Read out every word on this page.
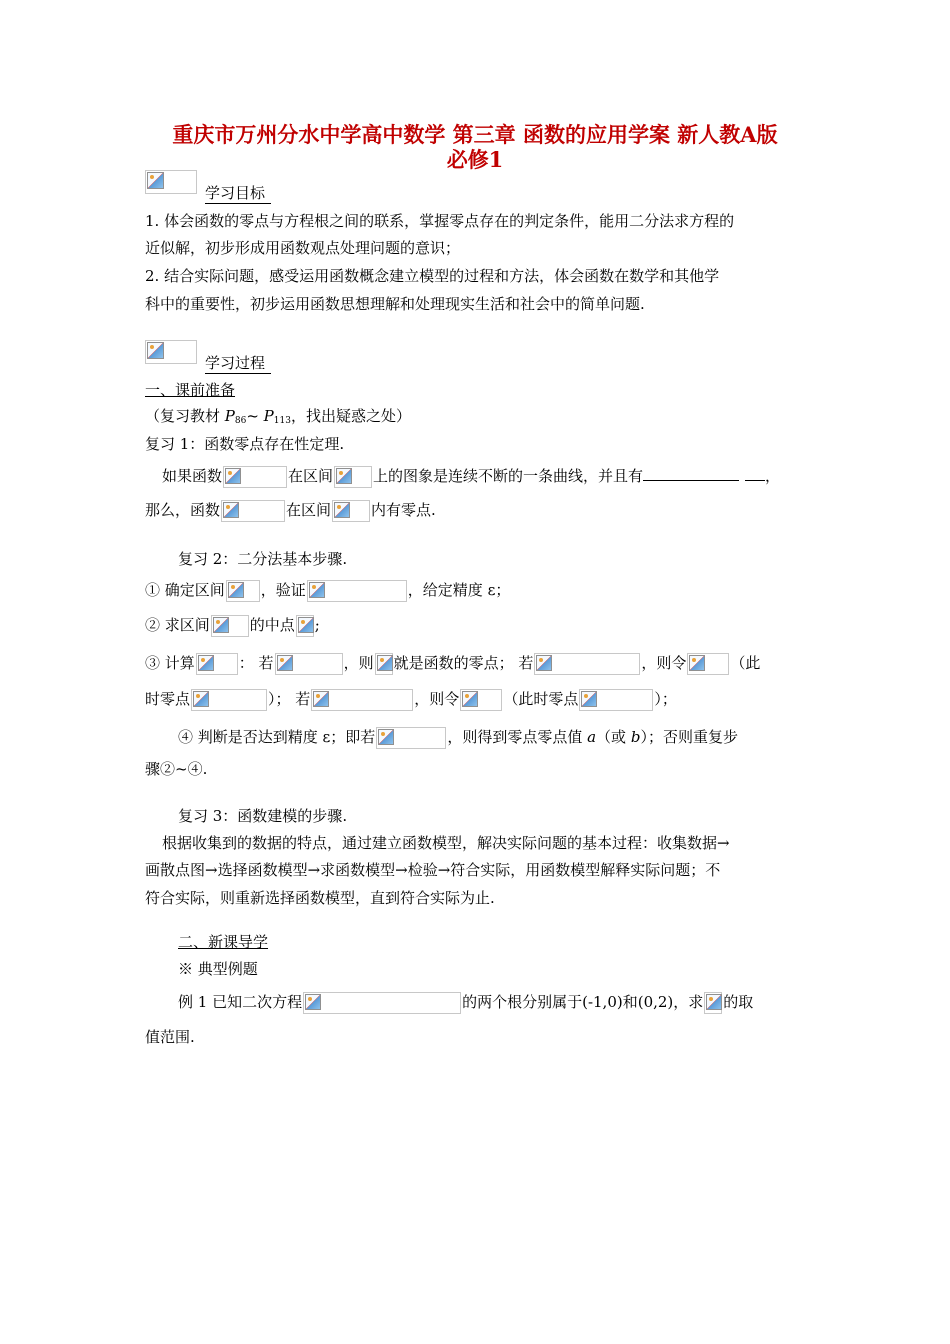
重庆市万州分水中学高中数学 第三章 函数的应用学案 新人教A版
必修1
学习目标
1. 体会函数的零点与方程根之间的联系，掌握零点存在的判定条件，能用二分法求方程的
近似解，初步形成用函数观点处理问题的意识；
2. 结合实际问题，感受运用函数概念建立模型的过程和方法，体会函数在数学和其他学
科中的重要性，初步运用函数思想理解和处理现实生活和社会中的简单问题.
学习过程
一、课前准备
（复习教材 $P_{86}\sim$ $P_{113}$，找出疑惑之处）
复习 1：函数零点存在性定理.
如果函数	在区间	上的图象是连续不断的一条曲线，并且有	，
那么，函数	在区间	内有零点.
复习 2：二分法基本步骤.
① 确定区间 ，验证	，给定精度 ε；
② 求区间	的中点 ;
③ 计算	： 若	，则 就是函数的零点； 若	，则令	（此
时零点	）； 若	，则令	（此时零点	）；
④ 判断是否达到精度 ε；即若	，则得到零点零点值 a（或 b）；否则重复步
骤②~④.
复习 3：函数建模的步骤.
根据收集到的数据的特点，通过建立函数模型，解决实际问题的基本过程：收集数据→
画散点图→选择函数模型→求函数模型→检验→符合实际，用函数模型解释实际问题；不
符合实际，则重新选择函数模型，直到符合实际为止.
二、新课导学
※ 典型例题
例 1 已知二次方程	的两个根分别属于(-1,0)和(0,2)，求 的取
值范围.
